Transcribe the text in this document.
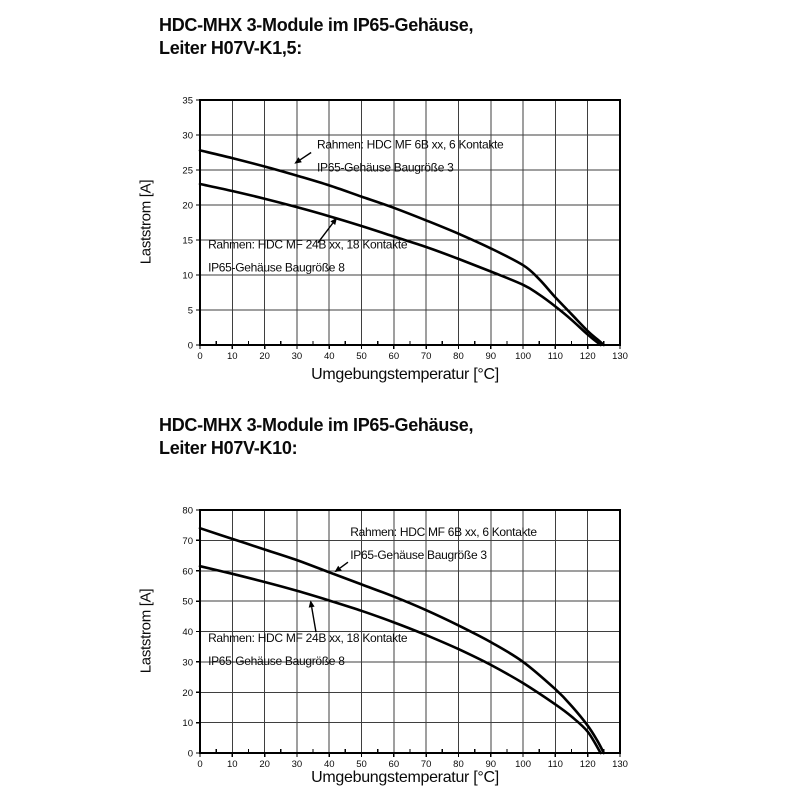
HDC-MHX 3-Module im IP65-Gehäuse,
Leiter H07V-K1,5:
0	10 20 30 40 50 60 70 80 90 100 110 120 130
0
5
10
15
20
25
30
35
Rahmen: HDC MF 6B xx, 6 Kontakte
IP65-Gehäuse Baugröße 3
Rahmen: HDC MF 24B xx, 18 Kontakte
IP65-Gehäuse Baugröße 8
Laststrom [A]
Umgebungstemperatur [°C]
HDC-MHX 3-Module im IP65-Gehäuse,
Leiter H07V-K10:
0	10 20 30 40 50 60 70 80 90 100 110 120 130
0
10
20
30
40
50
60
70
80
Rahmen: HDC MF 6B xx, 6 Kontakte
IP65-Gehäuse Baugröße 3
Rahmen: HDC MF 24B xx, 18 Kontakte
IP65-Gehäuse Baugröße 8
Laststrom [A]
Umgebungstemperatur [°C]
